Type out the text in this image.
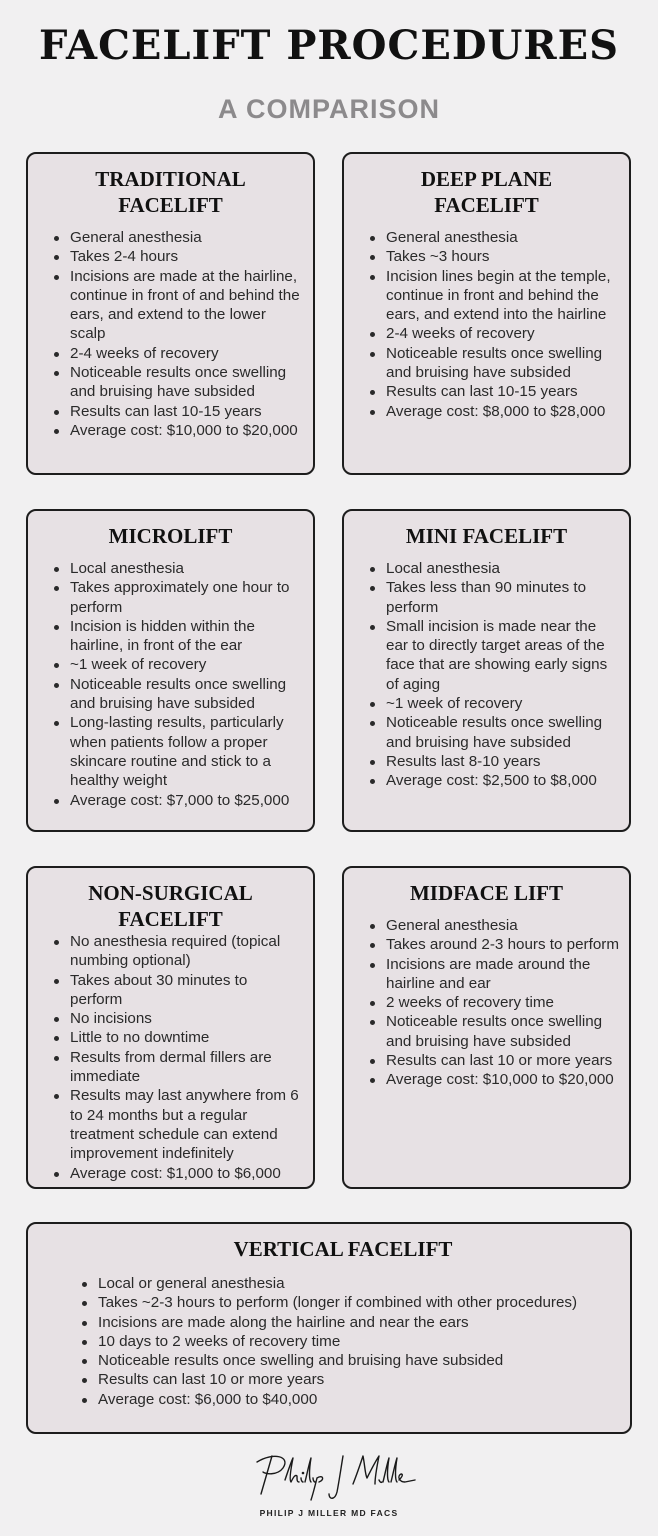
FACELIFT PROCEDURES
A COMPARISON
TRADITIONAL
FACELIFT
General anesthesia
Takes 2-4 hours
Incisions are made at the hairline, continue in front of and behind the ears, and extend to the lower scalp
2-4 weeks of recovery
Noticeable results once swelling and bruising have subsided
Results can last 10-15 years
Average cost: $10,000 to $20,000
DEEP PLANE
FACELIFT
General anesthesia
Takes ~3 hours
Incision lines begin at the temple, continue in front and behind the ears, and extend into the hairline
2-4 weeks of recovery
Noticeable results once swelling and bruising have subsided
Results can last 10-15 years
Average cost: $8,000 to $28,000
MICROLIFT
Local anesthesia
Takes approximately one hour to perform
Incision is hidden within the hairline, in front of the ear
~1 week of recovery
Noticeable results once swelling and bruising have subsided
Long-lasting results, particularly when patients follow a proper skincare routine and stick to a healthy weight
Average cost: $7,000 to $25,000
MINI FACELIFT
Local anesthesia
Takes less than 90 minutes to perform
Small incision is made near the ear to directly target areas of the face that are showing early signs of aging
~1 week of recovery
Noticeable results once swelling and bruising have subsided
Results last 8-10 years
Average cost: $2,500 to $8,000
NON-SURGICAL
FACELIFT
No anesthesia required (topical numbing optional)
Takes about 30 minutes to perform
No incisions
Little to no downtime
Results from dermal fillers are immediate
Results may last anywhere from 6 to 24 months but a regular treatment schedule can extend improvement indefinitely
Average cost: $1,000 to $6,000
MIDFACE LIFT
General anesthesia
Takes around 2-3 hours to perform
Incisions are made around the hairline and ear
2 weeks of recovery time
Noticeable results once swelling and bruising have subsided
Results can last 10 or more years
Average cost: $10,000 to $20,000
VERTICAL FACELIFT
Local or general anesthesia
Takes ~2-3 hours to perform (longer if combined with other procedures)
Incisions are made along the hairline and near the ears
10 days to 2 weeks of recovery time
Noticeable results once swelling and bruising have subsided
Results can last 10 or more years
Average cost: $6,000 to $40,000
PHILIP J MILLER MD FACS
